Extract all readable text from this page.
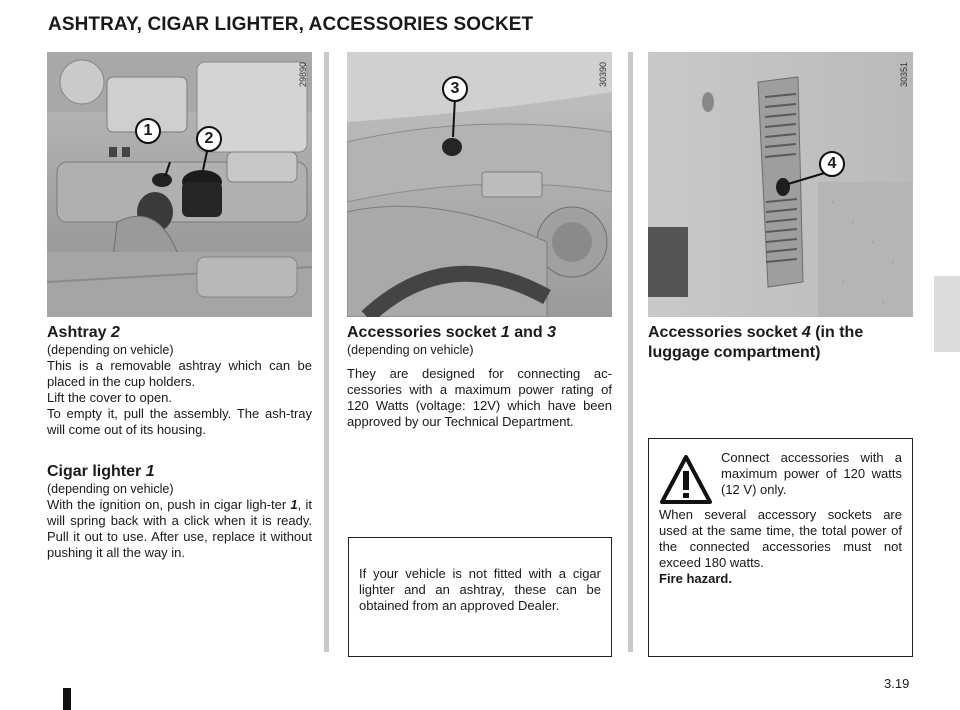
ASHTRAY, CIGAR LIGHTER, ACCESSORIES SOCKET
29890
1	2
30390
3
30351
4
Ashtray 2
(depending on vehicle)
This is a removable ashtray which can be placed in the cup holders.
Lift the cover to open.
To empty it, pull the assembly. The ash-tray will come out of its housing.
Cigar lighter 1
(depending on vehicle)
With the ignition on, push in cigar ligh-ter 1, it will spring back with a click when it is ready. Pull it out to use. After use, replace it without pushing it all the way in.
Accessories socket 1 and 3
(depending on vehicle)
They are designed for connecting ac-cessories with a maximum power rating of 120 Watts (voltage: 12V) which have been approved by our Technical Department.
If your vehicle is not fitted with a cigar lighter and an ashtray, these can be obtained from an approved Dealer.
Accessories socket 4 (in the luggage compartment)
Connect accessories with a maximum power of 120 watts (12 V) only.
When several accessory sockets are used at the same time, the total power of the connected accessories must not exceed 180 watts.
Fire hazard.
3.19
